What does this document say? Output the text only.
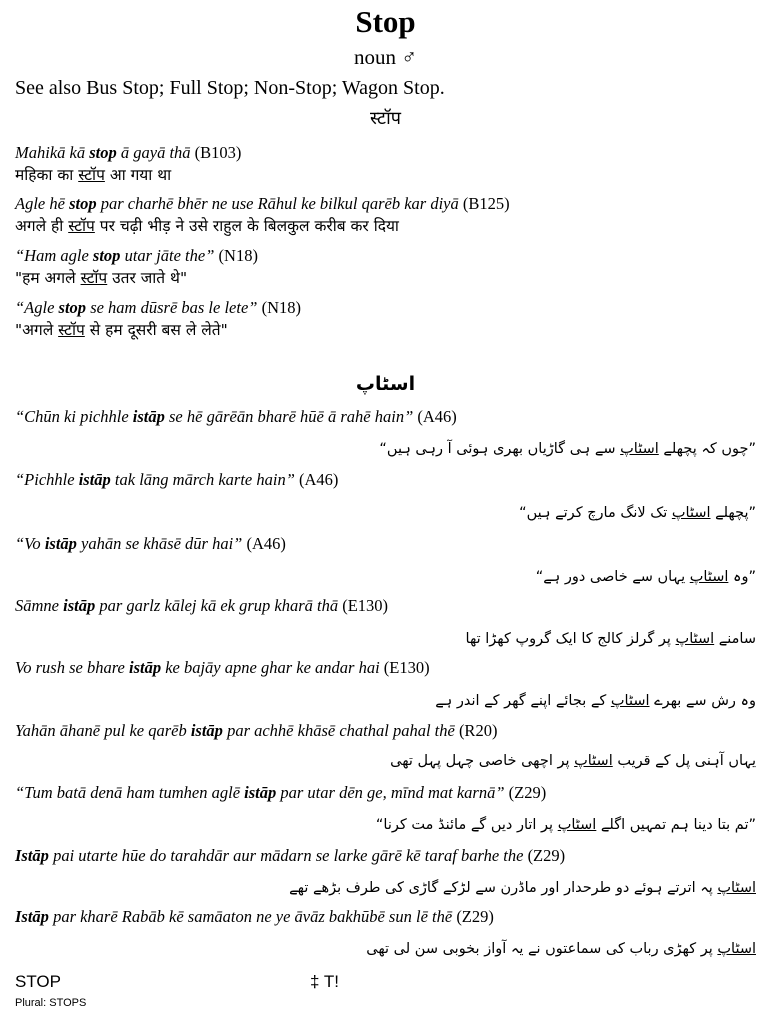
Stop
noun ♂
See also Bus Stop; Full Stop; Non-Stop; Wagon Stop.
स्टॉप
Mahikā kā stop ā gayā thā (B103)
महिका का स्टॉप आ गया था
Agle hē stop par charhē bhēr ne use Rāhul ke bilkul qarēb kar diyā (B125)
अगले ही स्टॉप पर चढ़ी भीड़ ने उसे राहुल के बिलकुल करीब कर दिया
“Ham agle stop utar jāte the” (N18)
"हम अगले स्टॉप उतर जाते थे"
“Agle stop se ham dūsrē bas le lete” (N18)
"अगले स्टॉप से हम दूसरी बस ले लेते"
اسٹاپ
“Chūn ki pichhle istāp se hē gārēān bharē hūē ā rahē hain” (A46)
”چوں کہ پچھلے اسٹاپ سے ہی گاڑیاں بھری ہوئی آ رہی ہیں“
“Pichhle istāp tak lāng mārch karte hain” (A46)
”پچھلے اسٹاپ تک لانگ مارچ کرتے ہیں“
“Vo istāp yahān se khāsē dūr hai” (A46)
”وہ اسٹاپ یہاں سے خاصی دور ہے“
Sāmne istāp par garlz kālej kā ek grup kharā thā (E130)
سامنے اسٹاپ پر گرلز کالج کا ایک گروپ کھڑا تھا
Vo rush se bhare istāp ke bajāy apne ghar ke andar hai (E130)
وہ رش سے بھرے اسٹاپ کے بجائے اپنے گھر کے اندر ہے
Yahān āhanē pul ke qarēb istāp par achhē khāsē chathal pahal thē (R20)
یہاں آہنی پل کے قریب اسٹاپ پر اچھی خاصی چہل پہل تھی
“Tum batā denā ham tumhen aglē istāp par utar dēn ge, mīnd mat karnā” (Z29)
”تم بتا دینا ہم تمہیں اگلے اسٹاپ پر اتار دیں گے مائنڈ مت کرنا“
Istāp pai utarte hūe do tarahdār aur mādarn se larke gārē kē taraf barhe the (Z29)
اسٹاپ پہ اترتے ہوئے دو طرحدار اور ماڈرن سے لڑکے گاڑی کی طرف بڑھے تھے
Istāp par kharē Rabāb kē samāaton ne ye āvāz bakhūbē sun lē thē (Z29)
اسٹاپ پر کھڑی رباب کی سماعتوں نے یہ آواز بخوبی سن لی تھی
STOP	‡ T!
Plural: STOPS
